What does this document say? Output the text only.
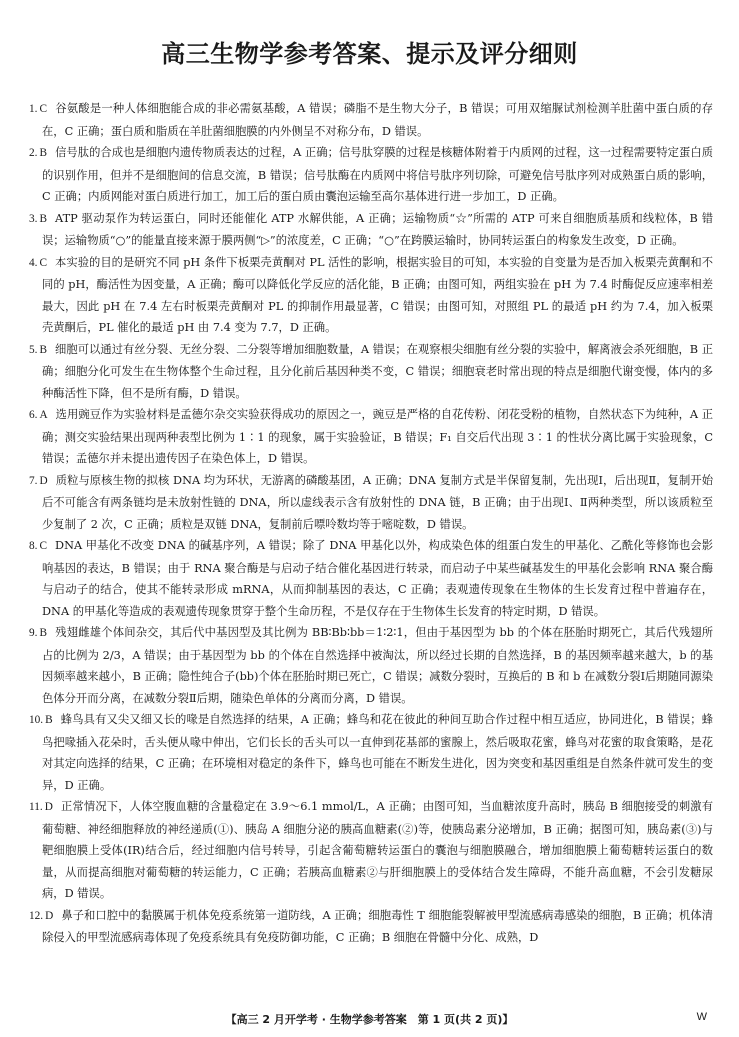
高三生物学参考答案、提示及评分细则
1. C 谷氨酸是一种人体细胞能合成的非必需氨基酸，A 错误；磷脂不是生物大分子，B 错误；可用双缩脲试剂检测羊肚菌中蛋白质的存在，C 正确；蛋白质和脂质在羊肚菌细胞膜的内外侧呈不对称分布，D 错误。
2. B 信号肽的合成也是细胞内遗传物质表达的过程，A 正确；信号肽穿膜的过程是核糖体附着于内质网的过程，这一过程需要特定蛋白质的识别作用，但并不是细胞间的信息交流，B 错误；信号肽酶在内质网中将信号肽序列切除，可避免信号肽序列对成熟蛋白质的影响，C 正确；内质网能对蛋白质进行加工，加工后的蛋白质由囊泡运输至高尔基体进行进一步加工，D 正确。
3. B ATP 驱动泵作为转运蛋白，同时还能催化 ATP 水解供能，A 正确；运输物质“☆”所需的 ATP 可来自细胞质基质和线粒体，B 错误；运输物质“○”的能量直接来源于膜两侧“▷”的浓度差，C 正确；“○”在跨膜运输时，协同转运蛋白的构象发生改变，D 正确。
4. C 本实验的目的是研究不同 pH 条件下板栗壳黄酮对 PL 活性的影响，根据实验目的可知，本实验的自变量为是否加入板栗壳黄酮和不同的 pH，酶活性为因变量，A 正确；酶可以降低化学反应的活化能，B 正确；由图可知，两组实验在 pH 为 7.4 时酶促反应速率相差最大，因此 pH 在 7.4 左右时板栗壳黄酮对 PL 的抑制作用最显著，C 错误；由图可知，对照组 PL 的最适 pH 约为 7.4，加入板栗壳黄酮后，PL 催化的最适 pH 由 7.4 变为 7.7，D 正确。
5. B 细胞可以通过有丝分裂、无丝分裂、二分裂等增加细胞数量，A 错误；在观察根尖细胞有丝分裂的实验中，解离液会杀死细胞，B 正确；细胞分化可发生在生物体整个生命过程，且分化前后基因种类不变，C 错误；细胞衰老时常出现的特点是细胞代谢变慢，体内的多种酶活性下降，但不是所有酶，D 错误。
6. A 选用豌豆作为实验材料是孟德尔杂交实验获得成功的原因之一，豌豆是严格的自花传粉、闭花受粉的植物，自然状态下为纯种，A 正确；测交实验结果出现两种表型比例为 1∶1 的现象，属于实验验证，B 错误；F₁ 自交后代出现 3∶1 的性状分离比属于实验现象，C 错误；孟德尔并未提出遗传因子在染色体上，D 错误。
7. D 质粒与原核生物的拟核 DNA 均为环状，无游离的磷酸基团，A 正确；DNA 复制方式是半保留复制，先出现Ⅰ，后出现Ⅱ，复制开始后不可能含有两条链均是未放射性链的 DNA，所以虚线表示含有放射性的 DNA 链，B 正确；由于出现Ⅰ、Ⅱ两种类型，所以该质粒至少复制了 2 次，C 正确；质粒是双链 DNA，复制前后嘌呤数均等于嘧啶数，D 错误。
8. C DNA 甲基化不改变 DNA 的碱基序列，A 错误；除了 DNA 甲基化以外，构成染色体的组蛋白发生的甲基化、乙酰化等修饰也会影响基因的表达，B 错误；由于 RNA 聚合酶是与启动子结合催化基因进行转录，而启动子中某些碱基发生的甲基化会影响 RNA 聚合酶与启动子的结合，使其不能转录形成 mRNA，从而抑制基因的表达，C 正确；表观遗传现象在生物体的生长发育过程中普遍存在，DNA 的甲基化等造成的表观遗传现象贯穿于整个生命历程，不是仅存在于生物体生长发育的特定时期，D 错误。
9. B 残翅雌雄个体间杂交，其后代中基因型及其比例为 BB∶Bb∶bb＝1∶2∶1，但由于基因型为 bb 的个体在胚胎时期死亡，其后代残翅所占的比例为 2/3，A 错误；由于基因型为 bb 的个体在自然选择中被淘汰，所以经过长期的自然选择，B 的基因频率越来越大，b 的基因频率越来越小，B 正确；隐性纯合子(bb)个体在胚胎时期已死亡，C 错误；减数分裂时，互换后的 B 和 b 在减数分裂Ⅰ后期随同源染色体分开而分离，在减数分裂Ⅱ后期，随染色单体的分离而分离，D 错误。
10. B 蜂鸟具有又尖又细又长的喙是自然选择的结果，A 正确；蜂鸟和花在彼此的种间互助合作过程中相互适应，协同进化，B 错误；蜂鸟把喙插入花朵时，舌头便从喙中伸出，它们长长的舌头可以一直伸到花基部的蜜腺上，然后吸取花蜜，蜂鸟对花蜜的取食策略，是花对其定向选择的结果，C 正确；在环境相对稳定的条件下，蜂鸟也可能在不断发生进化，因为突变和基因重组是自然条件就可发生的变异，D 正确。
11. D 正常情况下，人体空腹血糖的含量稳定在 3.9～6.1 mmol/L，A 正确；由图可知，当血糖浓度升高时，胰岛 B 细胞接受的刺激有葡萄糖、神经细胞释放的神经递质(①)、胰岛 A 细胞分泌的胰高血糖素(②)等，使胰岛素分泌增加，B 正确；据图可知，胰岛素(③)与靶细胞膜上受体(IR)结合后，经过细胞内信号转导，引起含葡萄糖转运蛋白的囊泡与细胞膜融合，增加细胞膜上葡萄糖转运蛋白的数量，从而提高细胞对葡萄糖的转运能力，C 正确；若胰高血糖素②与肝细胞膜上的受体结合发生障碍，不能升高血糖，不会引发糖尿病，D 错误。
12. D 鼻子和口腔中的黏膜属于机体免疫系统第一道防线，A 正确；细胞毒性 T 细胞能裂解被甲型流感病毒感染的细胞，B 正确；机体清除侵入的甲型流感病毒体现了免疫系统具有免疫防御功能，C 正确；B 细胞在骨髓中分化、成熟，D
【高三 2 月开学考 · 生物学参考答案　第 1 页(共 2 页)】	W
